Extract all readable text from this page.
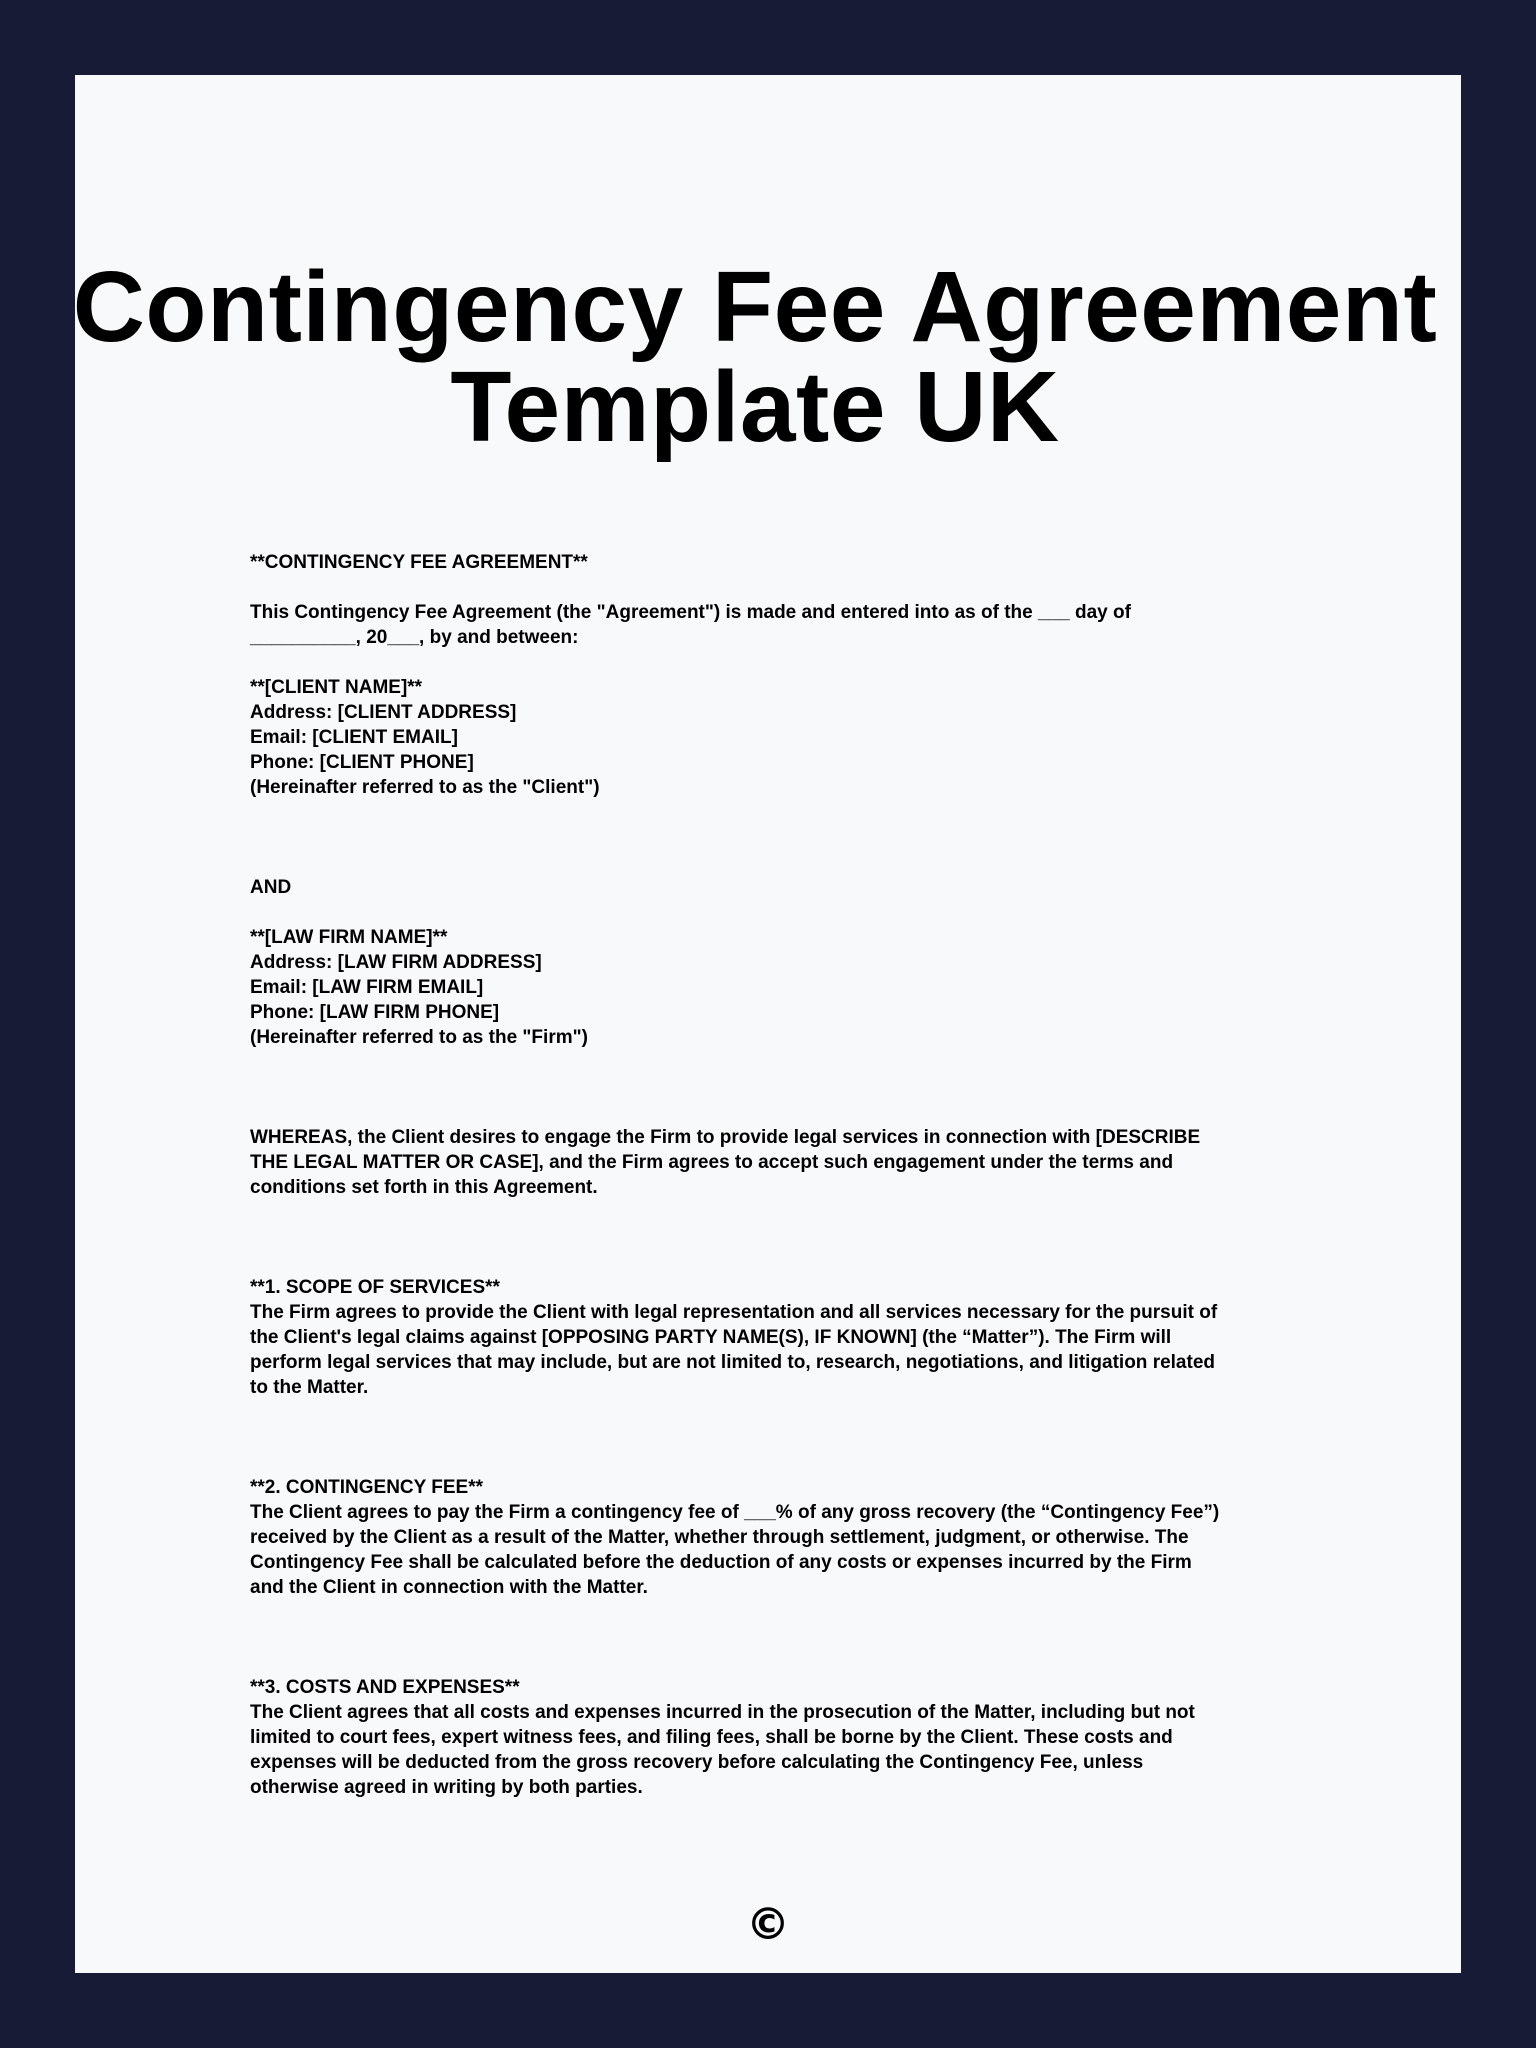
Contingency Fee Agreement
Template UK
**CONTINGENCY FEE AGREEMENT**
This Contingency Fee Agreement (the "Agreement") is made and entered into as of the ___ day of
__________, 20___, by and between:
**[CLIENT NAME]**
Address: [CLIENT ADDRESS]
Email: [CLIENT EMAIL]
Phone: [CLIENT PHONE]
(Hereinafter referred to as the "Client")
AND
**[LAW FIRM NAME]**
Address: [LAW FIRM ADDRESS]
Email: [LAW FIRM EMAIL]
Phone: [LAW FIRM PHONE]
(Hereinafter referred to as the "Firm")
WHEREAS, the Client desires to engage the Firm to provide legal services in connection with [DESCRIBE
THE LEGAL MATTER OR CASE], and the Firm agrees to accept such engagement under the terms and
conditions set forth in this Agreement.
**1. SCOPE OF SERVICES**
The Firm agrees to provide the Client with legal representation and all services necessary for the pursuit of
the Client's legal claims against [OPPOSING PARTY NAME(S), IF KNOWN] (the “Matter”). The Firm will
perform legal services that may include, but are not limited to, research, negotiations, and litigation related
to the Matter.
**2. CONTINGENCY FEE**
The Client agrees to pay the Firm a contingency fee of ___% of any gross recovery (the “Contingency Fee”)
received by the Client as a result of the Matter, whether through settlement, judgment, or otherwise. The
Contingency Fee shall be calculated before the deduction of any costs or expenses incurred by the Firm
and the Client in connection with the Matter.
**3. COSTS AND EXPENSES**
The Client agrees that all costs and expenses incurred in the prosecution of the Matter, including but not
limited to court fees, expert witness fees, and filing fees, shall be borne by the Client. These costs and
expenses will be deducted from the gross recovery before calculating the Contingency Fee, unless
otherwise agreed in writing by both parties.
©
